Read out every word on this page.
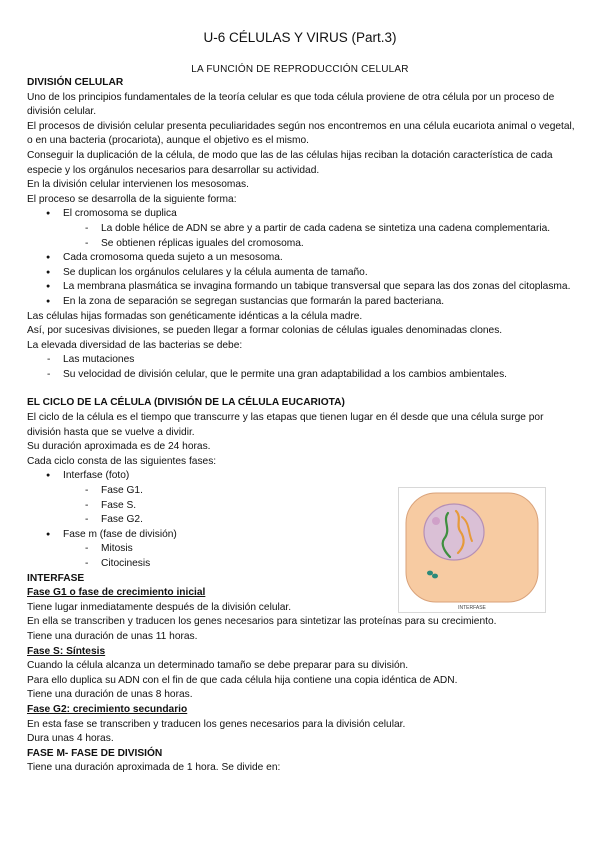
U-6 CÉLULAS Y VIRUS (Part.3)
LA FUNCIÓN DE REPRODUCCIÓN CELULAR

DIVISIÓN CELULAR

Uno de los principios fundamentales de la teoría celular es que toda célula proviene de otra célula por un proceso de división celular.

El procesos de división celular presenta peculiaridades según nos encontremos en una célula eucariota animal o vegetal, o en una bacteria (procariota), aunque el objetivo es el mismo.

Conseguir la duplicación de la célula, de modo que las de las células hijas reciban la dotación característica de cada especie y los orgánulos necesarios para desarrollar su actividad.

En la división celular intervienen los mesosomas.

El proceso se desarrolla de la siguiente forma:

● El cromosoma se duplica
- La doble hélice de ADN se abre y a partir de cada cadena se sintetiza una cadena complementaria.
- Se obtienen réplicas iguales del cromosoma.
● Cada cromosoma queda sujeto a un mesosoma.
● Se duplican los orgánulos celulares y la célula aumenta de tamaño.
● La membrana plasmática se invagina formando un tabique transversal que separa las dos zonas del citoplasma.
● En la zona de separación se segregan sustancias que formarán la pared bacteriana.

Las células hijas formadas son genéticamente idénticas a la célula madre.

Así, por sucesivas divisiones, se pueden llegar a formar colonias de células iguales denominadas clones.

La elevada diversidad de las bacterias se debe:

- Las mutaciones
- Su velocidad de división celular, que le permite una gran adaptabilidad a los cambios ambientales.

EL CICLO DE LA CÉLULA (DIVISIÓN DE LA CÉLULA EUCARIOTA)

El ciclo de la célula es el tiempo que transcurre y las etapas que tienen lugar en él desde que una célula surge por división hasta que se vuelve a dividir.

Su duración aproximada es de 24 horas.

Cada ciclo consta de las siguientes fases:

● Interfase (foto)
- Fase G1.
- Fase S.
- Fase G2.
● Fase m (fase de división)
- Mitosis
- Citocinesis

INTERFASE

Fase G1 o fase de crecimiento inicial

Tiene lugar inmediatamente después de la división celular.

En ella se transcriben y traducen los genes necesarios para sintetizar las proteínas para su crecimiento.

Tiene una duración de unas 11 horas.

Fase S: Síntesis

Cuando la célula alcanza un determinado tamaño se debe preparar para su división.

Para ello duplica su ADN con el fin de que cada célula hija contiene una copia idéntica de ADN.

Tiene una duración de unas 8 horas.

Fase G2: crecimiento secundario

En esta fase se transcriben y traducen los genes necesarios para la división celular.

Dura unas 4 horas.

FASE M- FASE DE DIVISIÓN

Tiene una duración aproximada de 1 hora. Se divide en:

INTERFASE
